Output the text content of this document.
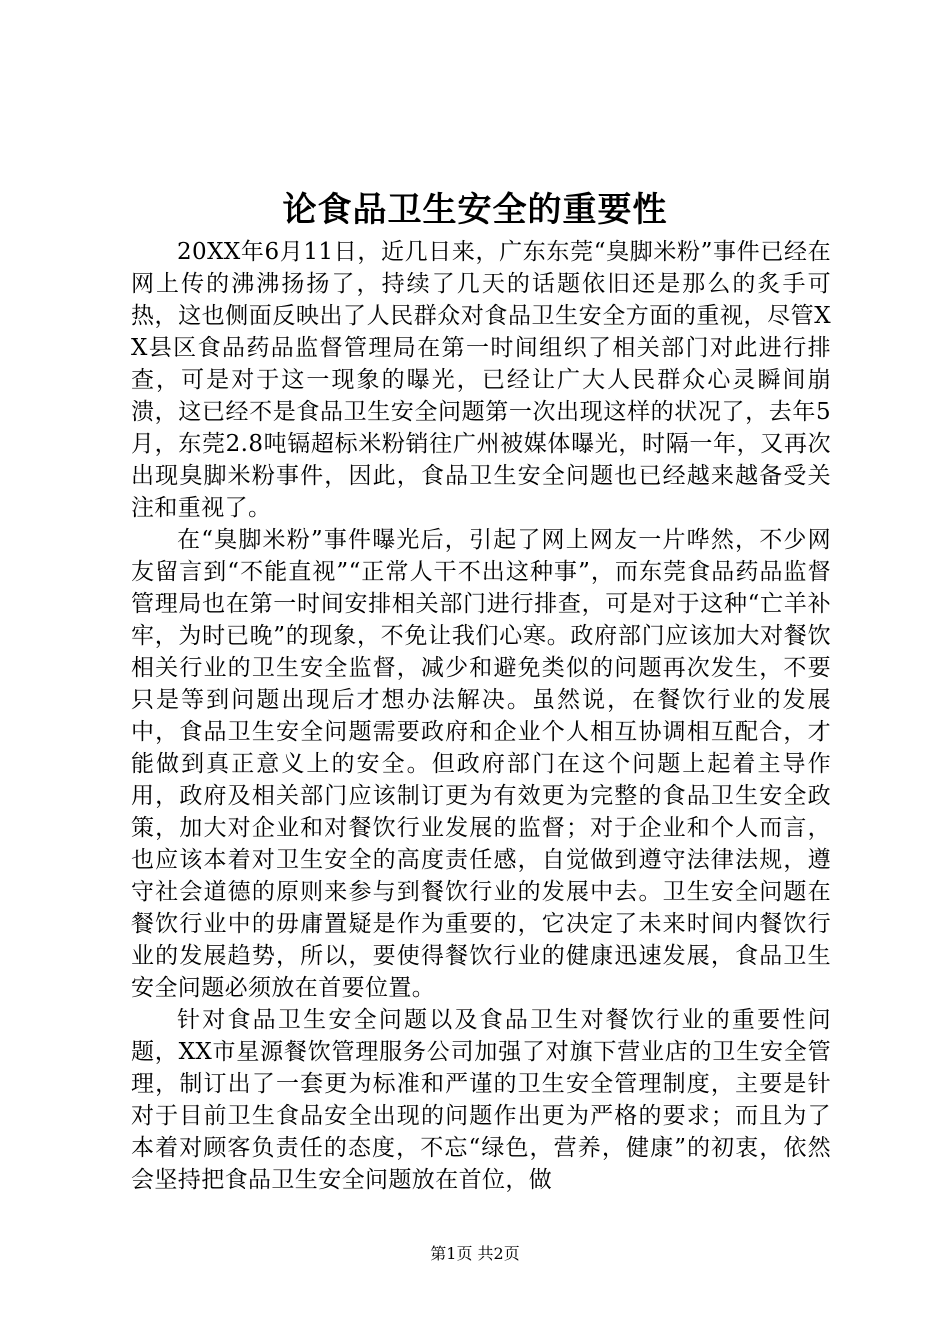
论食品卫生安全的重要性

20XX年6月11日，近几日来，广东东莞“臭脚米粉”事件已经在网上传的沸沸扬扬了，持续了几天的话题依旧还是那么的炙手可热，这也侧面反映出了人民群众对食品卫生安全方面的重视，尽管XX县区食品药品监督管理局在第一时间组织了相关部门对此进行排查，可是对于这一现象的曝光，已经让广大人民群众心灵瞬间崩溃，这已经不是食品卫生安全问题第一次出现这样的状况了，去年5月，东莞2.8吨镉超标米粉销往广州被媒体曝光，时隔一年，又再次出现臭脚米粉事件，因此，食品卫生安全问题也已经越来越备受关注和重视了。

在“臭脚米粉”事件曝光后，引起了网上网友一片哗然，不少网友留言到“不能直视”“正常人干不出这种事”，而东莞食品药品监督管理局也在第一时间安排相关部门进行排查，可是对于这种“亡羊补牢，为时已晚”的现象，不免让我们心寒。政府部门应该加大对餐饮相关行业的卫生安全监督，减少和避免类似的问题再次发生，不要只是等到问题出现后才想办法解决。虽然说，在餐饮行业的发展中，食品卫生安全问题需要政府和企业个人相互协调相互配合，才能做到真正意义上的安全。但政府部门在这个问题上起着主导作用，政府及相关部门应该制订更为有效更为完整的食品卫生安全政策，加大对企业和对餐饮行业发展的监督；对于企业和个人而言，也应该本着对卫生安全的高度责任感，自觉做到遵守法律法规，遵守社会道德的原则来参与到餐饮行业的发展中去。卫生安全问题在餐饮行业中的毋庸置疑是作为重要的，它决定了未来时间内餐饮行业的发展趋势，所以，要使得餐饮行业的健康迅速发展，食品卫生安全问题必须放在首要位置。

针对食品卫生安全问题以及食品卫生对餐饮行业的重要性问题，XX市星源餐饮管理服务公司加强了对旗下营业店的卫生安全管理，制订出了一套更为标准和严谨的卫生安全管理制度，主要是针对于目前卫生食品安全出现的问题作出更为严格的要求；而且为了本着对顾客负责任的态度，不忘“绿色，营养，健康”的初衷，依然会坚持把食品卫生安全问题放在首位，做

第1页 共2页
